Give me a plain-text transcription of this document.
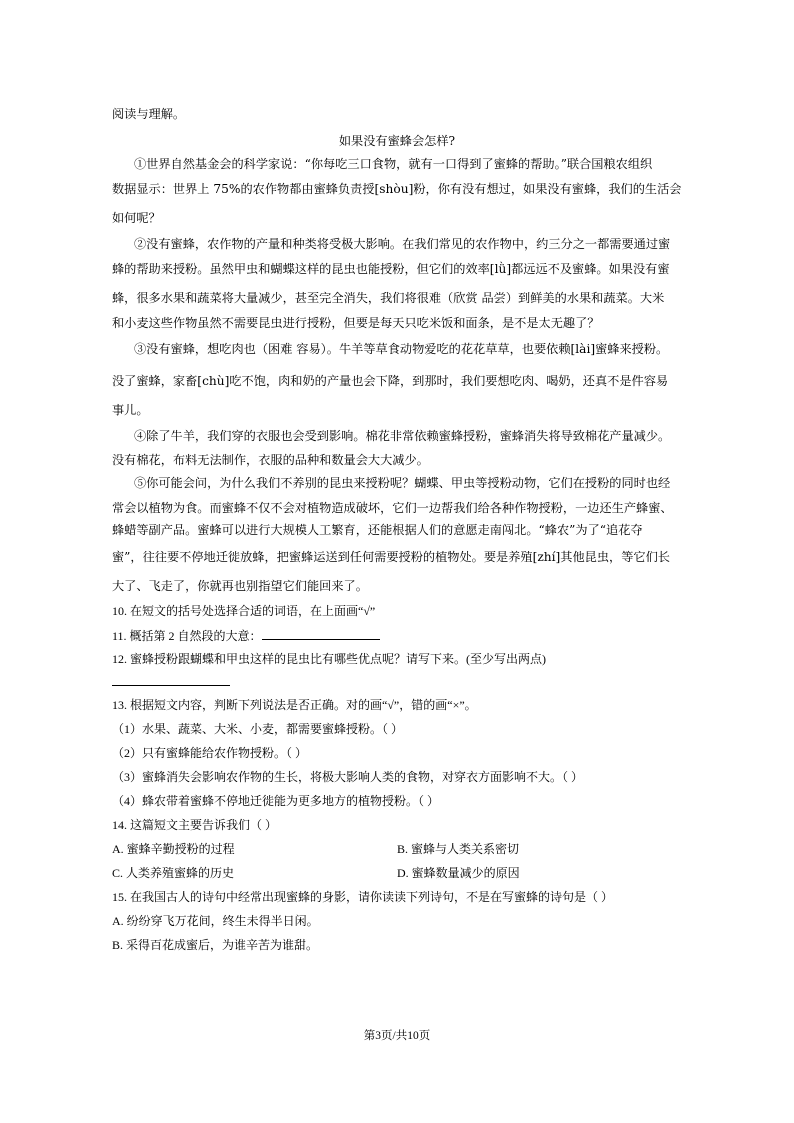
阅读与理解。
如果没有蜜蜂会怎样?
①世界自然基金会的科学家说：“你每吃三口食物，就有一口得到了蜜蜂的帮助。”联合国粮农组织
数据显示：世界上 75%的农作物都由蜜蜂负责授[shòu]粉，你有没有想过，如果没有蜜蜂，我们的生活会
如何呢？
②没有蜜蜂，农作物的产量和种类将受极大影响。在我们常见的农作物中，约三分之一都需要通过蜜
蜂的帮助来授粉。虽然甲虫和蝴蝶这样的昆虫也能授粉，但它们的效率[lǜ]都远远不及蜜蜂。如果没有蜜
蜂，很多水果和蔬菜将大量减少，甚至完全消失，我们将很难（欣赏 品尝）到鲜美的水果和蔬菜。大米
和小麦这些作物虽然不需要昆虫进行授粉，但要是每天只吃米饭和面条，是不是太无趣了？
③没有蜜蜂，想吃肉也（困难 容易）。牛羊等草食动物爱吃的花花草草，也要依赖[lài]蜜蜂来授粉。
没了蜜蜂，家畜[chù]吃不饱，肉和奶的产量也会下降，到那时，我们要想吃肉、喝奶，还真不是件容易
事儿。
④除了牛羊，我们穿的衣服也会受到影响。棉花非常依赖蜜蜂授粉，蜜蜂消失将导致棉花产量减少。
没有棉花，布料无法制作，衣服的品种和数量会大大减少。
⑤你可能会问，为什么我们不养别的昆虫来授粉呢？蝴蝶、甲虫等授粉动物，它们在授粉的同时也经
常会以植物为食。而蜜蜂不仅不会对植物造成破坏，它们一边帮我们给各种作物授粉，一边还生产蜂蜜、
蜂蜡等副产品。蜜蜂可以进行大规模人工繁育，还能根据人们的意愿走南闯北。“蜂农”为了“追花夺
蜜”，往往要不停地迁徙放蜂，把蜜蜂运送到任何需要授粉的植物处。要是养殖[zhí]其他昆虫，等它们长
大了、飞走了，你就再也别指望它们能回来了。
10. 在短文的括号处选择合适的词语，在上面画“√”
11. 概括第 2 自然段的大意：
12. 蜜蜂授粉跟蝴蝶和甲虫这样的昆虫比有哪些优点呢？请写下来。(至少写出两点)
13. 根据短文内容，判断下列说法是否正确。对的画“√”，错的画“×”。
（1）水果、蔬菜、大米、小麦，都需要蜜蜂授粉。（ ）
（2）只有蜜蜂能给农作物授粉。（ ）
（3）蜜蜂消失会影响农作物的生长，将极大影响人类的食物，对穿衣方面影响不大。（ ）
（4）蜂农带着蜜蜂不停地迁徙能为更多地方的植物授粉。（ ）
14. 这篇短文主要告诉我们（ ）
A. 蜜蜂辛勤授粉的过程	B. 蜜蜂与人类关系密切
C. 人类养殖蜜蜂的历史	D. 蜜蜂数量减少的原因
15. 在我国古人的诗句中经常出现蜜蜂的身影，请你读读下列诗句，不是在写蜜蜂的诗句是（ ）
A. 纷纷穿飞万花间，终生未得半日闲。
B. 采得百花成蜜后，为谁辛苦为谁甜。
第3页/共10页
